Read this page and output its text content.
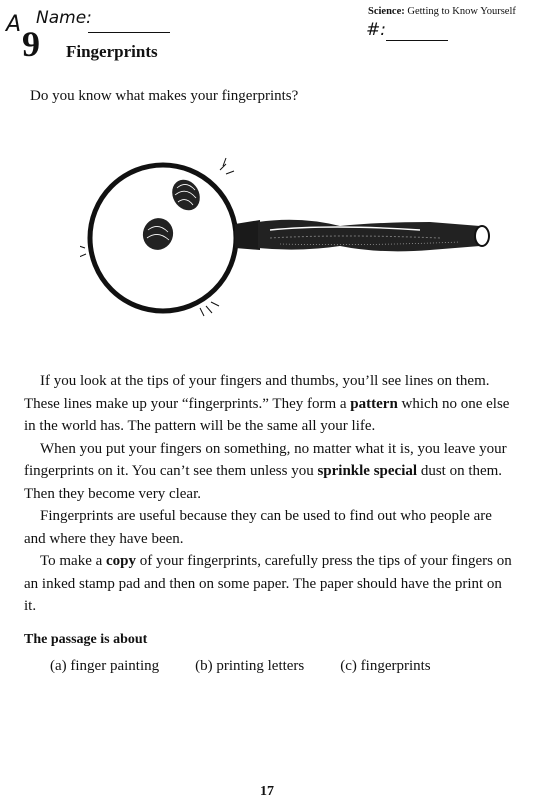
A Name:	Science: Getting to Know Yourself
#:
9 Fingerprints
Do you know what makes your fingerprints?

If you look at the tips of your fingers and thumbs, you’ll see lines on them. These lines make up your “fingerprints.” They form a pattern which no one else in the world has. The pattern will be the same all your life.

When you put your fingers on something, no matter what it is, you leave your fingerprints on it. You can’t see them unless you sprinkle special dust on them. Then they become very clear.

Fingerprints are useful because they can be used to find out who people are and where they have been.

To make a copy of your fingerprints, carefully press the tips of your fingers on an inked stamp pad and then on some paper. The paper should have the print on it.

The passage is about
(a) finger painting (b) printing letters (c) fingerprints
17
